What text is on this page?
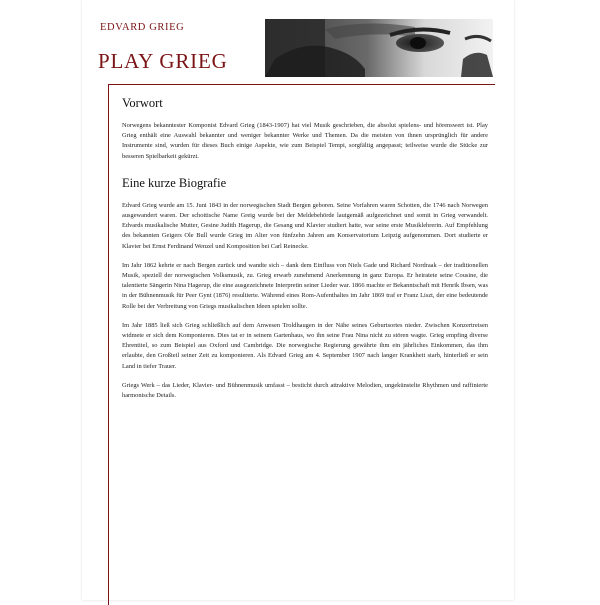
EDVARD GRIEG
PLAY GRIEG
Vorwort

Norwegens bekanntester Komponist Edvard Grieg (1843-1907) hat viel Musik geschrieben, die absolut spielens- und hörenswert ist. Play Grieg enthält eine Auswahl bekannter und weniger bekannter Werke und Themen. Da die meisten von ihnen ursprünglich für andere Instrumente sind, wurden für dieses Buch einige Aspekte, wie zum Beispiel Tempi, sorgfältig angepasst; teilweise wurde die Stücke zur besseren Spielbarkeit gekürzt.

Eine kurze Biografie

Edvard Grieg wurde am 15. Juni 1843 in der norwegischen Stadt Bergen geboren. Seine Vorfahren waren Schotten, die 1746 nach Norwegen ausgewandert waren. Der schottische Name Greig wurde bei der Meldebehörde lautgemäß aufgezeichnet und somit in Grieg verwandelt. Edvards musikalische Mutter, Gesine Judith Hagerup, die Gesang und Klavier studiert hatte, war seine erste Musiklehrerin. Auf Empfehlung des bekannten Geigers Ole Bull wurde Grieg im Alter von fünfzehn Jahren am Konservatorium Leipzig aufgenommen. Dort studierte er Klavier bei Ernst Ferdinand Wenzel und Komposition bei Carl Reinecke.

Im Jahr 1862 kehrte er nach Bergen zurück und wandte sich – dank dem Einfluss von Niels Gade und Richard Nordraak – der traditionellen Musik, speziell der norwegischen Volksmusik, zu. Grieg erwarb zunehmend Anerkennung in ganz Europa. Er heiratete seine Cousine, die talentierte Sängerin Nina Hagerup, die eine ausgezeichnete Interpretin seiner Lieder war. 1866 machte er Bekanntschaft mit Henrik Ibsen, was in der Bühnenmusik für Peer Gynt (1876) resultierte. Während eines Rom-Aufenthaltes im Jahr 1869 traf er Franz Liszt, der eine bedeutende Rolle bei der Verbreitung von Griegs musikalischen Ideen spielen sollte.

Im Jahr 1885 ließ sich Grieg schließlich auf dem Anwesen Troldhaugen in der Nähe seines Geburtsortes nieder. Zwischen Konzertreisen widmete er sich dem Komponieren. Dies tat er in seinem Gartenhaus, wo ihn seine Frau Nina nicht zu stören wagte. Grieg empfing diverse Ehrentitel, so zum Beispiel aus Oxford und Cambridge. Die norwegische Regierung gewährte ihm ein jährliches Einkommen, das ihm erlaubte, den Großteil seiner Zeit zu komponieren. Als Edvard Grieg am 4. September 1907 nach langer Krankheit starb, hinterließ er sein Land in tiefer Trauer.

Griegs Werk – das Lieder, Klavier- und Bühnenmusik umfasst – besticht durch attraktive Melodien, ungekünstelte Rhythmen und raffinierte harmonische Details.
